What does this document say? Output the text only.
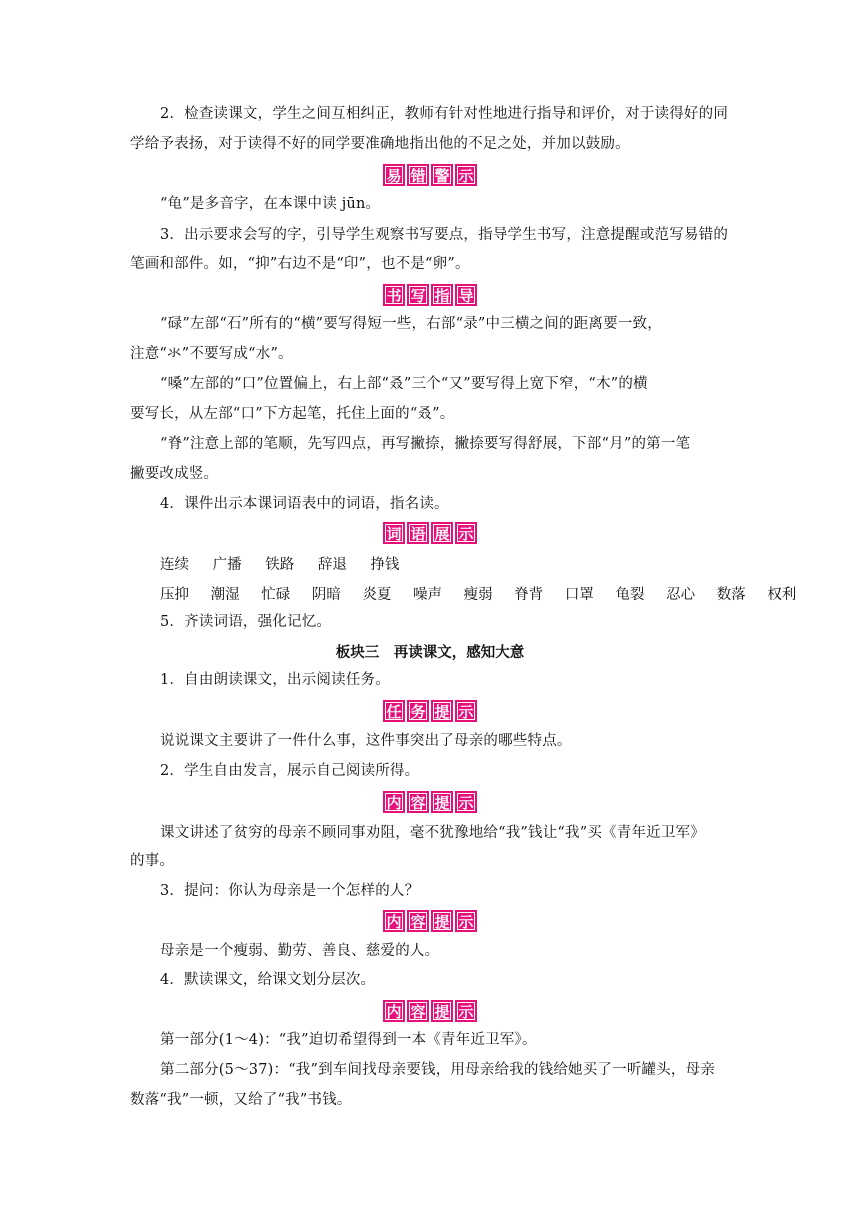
2．检查读课文，学生之间互相纠正，教师有针对性地进行指导和评价，对于读得好的同
学给予表扬，对于读得不好的同学要准确地指出他的不足之处，并加以鼓励。
易 错 警 示
“龟”是多音字，在本课中读 jūn。
3．出示要求会写的字，引导学生观察书写要点，指导学生书写，注意提醒或范写易错的
笔画和部件。如，“抑”右边不是“印”，也不是“卵”。
书 写 指 导
“碌”左部“石”所有的“横”要写得短一些，右部“录”中三横之间的距离要一致，
注意“氺”不要写成“水”。
“嗓”左部的“口”位置偏上，右上部“叒”三个“又”要写得上宽下窄，“木”的横
要写长，从左部“口”下方起笔，托住上面的“叒”。
“脊”注意上部的笔顺，先写四点，再写撇捺，撇捺要写得舒展，下部“月”的第一笔
撇要改成竖。
4．课件出示本课词语表中的词语，指名读。
词 语 展 示
连续 广播 铁路 辞退 挣钱
压抑 潮湿 忙碌 阴暗 炎夏 噪声 瘦弱 脊背 口罩 龟裂 忍心 数落 权利
5．齐读词语，强化记忆。
板块三　再读课文，感知大意
1．自由朗读课文，出示阅读任务。
任 务 提 示
说说课文主要讲了一件什么事，这件事突出了母亲的哪些特点。
2．学生自由发言，展示自己阅读所得。
内 容 提 示
课文讲述了贫穷的母亲不顾同事劝阻，毫不犹豫地给“我”钱让“我”买《青年近卫军》
的事。
3．提问：你认为母亲是一个怎样的人？
内 容 提 示
母亲是一个瘦弱、勤劳、善良、慈爱的人。
4．默读课文，给课文划分层次。
内 容 提 示
第一部分(1～4)：“我”迫切希望得到一本《青年近卫军》。
第二部分(5～37)：“我”到车间找母亲要钱，用母亲给我的钱给她买了一听罐头，母亲
数落“我”一顿，又给了“我”书钱。
